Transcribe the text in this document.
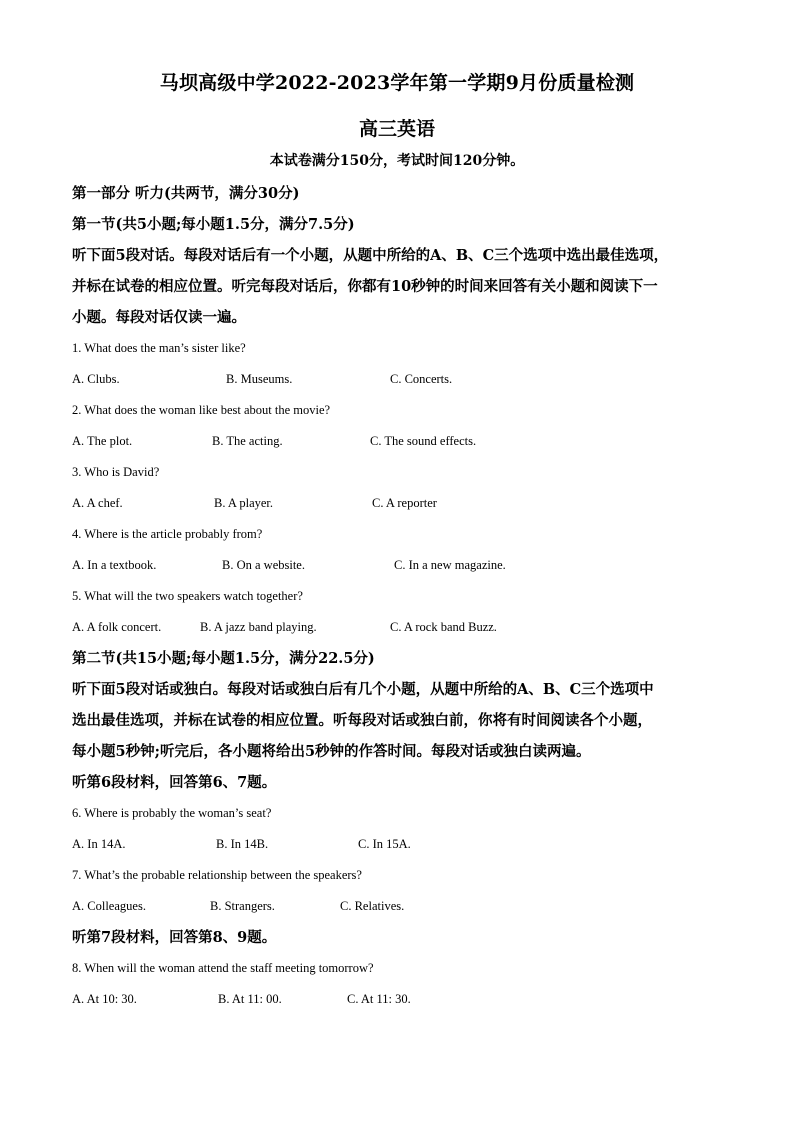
马坝高级中学2022-2023学年第一学期9月份质量检测
高三英语
本试卷满分150分，考试时间120分钟。
第一部分 听力(共两节，满分30分)
第一节(共5小题;每小题1.5分，满分7.5分)
听下面5段对话。每段对话后有一个小题，从题中所给的A、B、C三个选项中选出最佳选项，
并标在试卷的相应位置。听完每段对话后，你都有10秒钟的时间来回答有关小题和阅读下一
小题。每段对话仅读一遍。
1. What does the man’s sister like?
A. Clubs.	B. Museums.	C. Concerts.
2. What does the woman like best about the movie?
A. The plot.	B. The acting.	C. The sound effects.
3. Who is David?
A. A chef.	B. A player.	C. A reporter
4. Where is the article probably from?
A. In a textbook.	B. On a website.	C. In a new magazine.
5. What will the two speakers watch together?
A. A folk concert.	B. A jazz band playing.	C. A rock band Buzz.
第二节(共15小题;每小题1.5分，满分22.5分)
听下面5段对话或独白。每段对话或独白后有几个小题，从题中所给的A、B、C三个选项中
选出最佳选项，并标在试卷的相应位置。听每段对话或独白前，你将有时间阅读各个小题，
每小题5秒钟;听完后，各小题将给出5秒钟的作答时间。每段对话或独白读两遍。
听第6段材料，回答第6、7题。
6. Where is probably the woman’s seat?
A. In 14A.	B. In 14B.	C. In 15A.
7. What’s the probable relationship between the speakers?
A. Colleagues.	B. Strangers.	C. Relatives.
听第7段材料，回答第8、9题。
8. When will the woman attend the staff meeting tomorrow?
A. At 10: 30.	B. At 11: 00.	C. At 11: 30.
